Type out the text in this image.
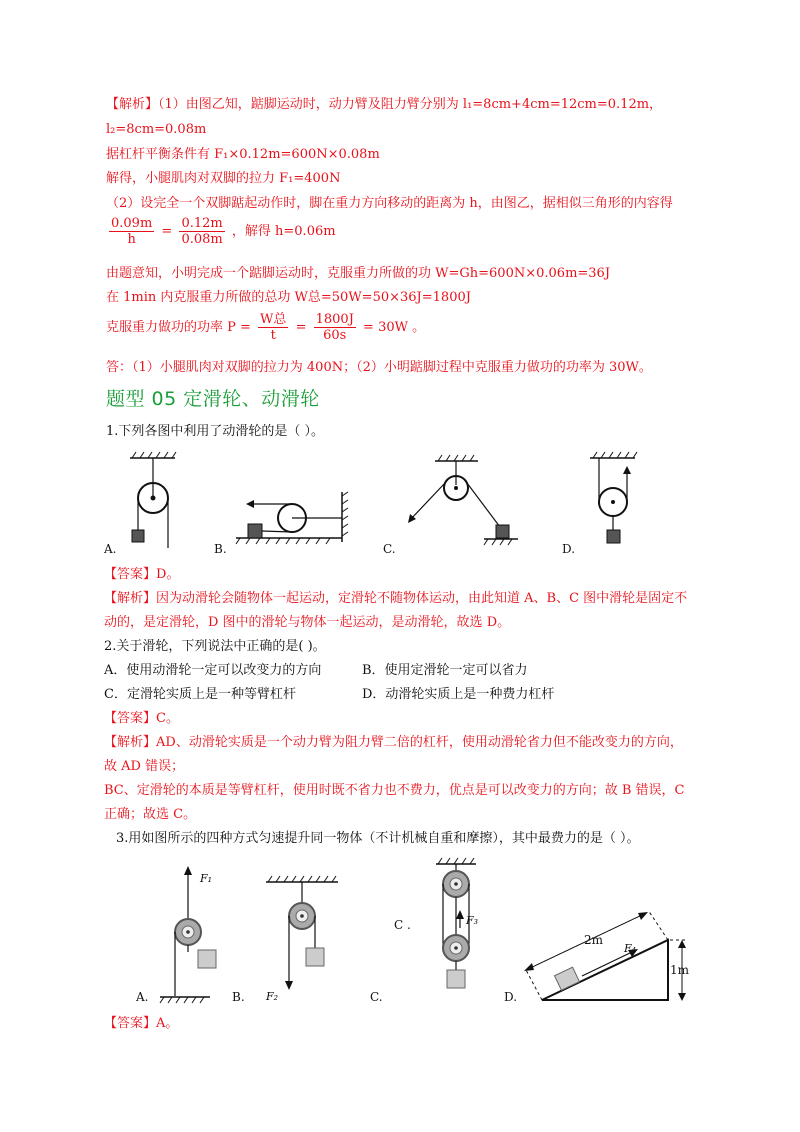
【解析】（1）由图乙知，踮脚运动时，动力臂及阻力臂分别为 l₁=8cm+4cm=12cm=0.12m，
l₂=8cm=0.08m
据杠杆平衡条件有 F₁×0.12m=600N×0.08m
解得，小腿肌肉对双脚的拉力 F₁=400N
（2）设完全一个双脚踮起动作时，脚在重力方向移动的距离为 h，由图乙，据相似三角形的内容得
$\frac{0.09m}{h} = \frac{0.12m}{0.08m}$ ，解得 h=0.06m
由题意知，小明完成一个踮脚运动时，克服重力所做的功 W=Gh=600N×0.06m=36J
在 1min 内克服重力所做的总功 W总=50W=50×36J=1800J
克服重力做功的功率 $P = \frac{\text{W总}}{t} = \frac{1800J}{60s} = 30W$ 。
答：（1）小腿肌肉对双脚的拉力为 400N；（2）小明踮脚过程中克服重力做功的功率为 30W。
题型 05 定滑轮、动滑轮
1.下列各图中利用了动滑轮的是（ ）。
A.	B.	C.	D.
【答案】D。
【解析】因为动滑轮会随物体一起运动，定滑轮不随物体运动，由此知道 A、B、C 图中滑轮是固定不
动的，是定滑轮，D 图中的滑轮与物体一起运动，是动滑轮，故选 D。
2.关于滑轮，下列说法中正确的是( )。
A．使用动滑轮一定可以改变力的方向	B．使用定滑轮一定可以省力
C．定滑轮实质上是一种等臂杠杆	D．动滑轮实质上是一种费力杠杆
【答案】C。
【解析】AD、动滑轮实质是一个动力臂为阻力臂二倍的杠杆，使用动滑轮省力但不能改变力的方向，
故 AD 错误；
BC、定滑轮的本质是等臂杠杆，使用时既不省力也不费力，优点是可以改变力的方向；故 B 错误，C
正确；故选 C。
3.用如图所示的四种方式匀速提升同一物体（不计机械自重和摩擦），其中最费力的是（ ）。
F₁
A.	F₂
B.
F₃
C .
C.
F₄
2m
1m
D.
【答案】A。
